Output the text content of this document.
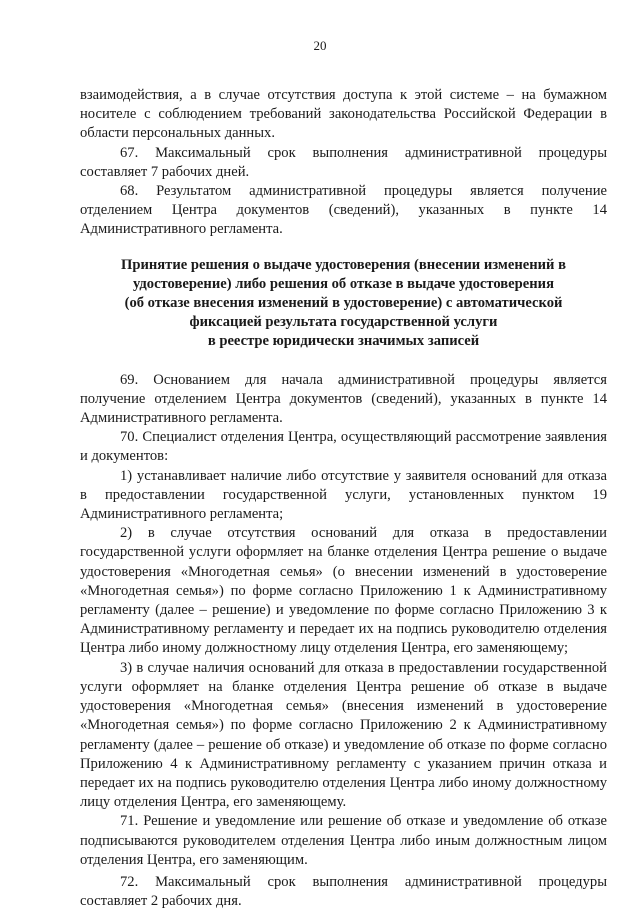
20

взаимодействия, а в случае отсутствия доступа к этой системе – на бумажном носителе с соблюдением требований законодательства Российской Федерации в области персональных данных.

67. Максимальный срок выполнения административной процедуры составляет 7 рабочих дней.

68. Результатом административной процедуры является получение отделением Центра документов (сведений), указанных в пункте 14 Административного регламента.

Принятие решения о выдаче удостоверения (внесении изменений в
удостоверение) либо решения об отказе в выдаче удостоверения
(об отказе внесения изменений в удостоверение) с автоматической
фиксацией результата государственной услуги
в реестре юридически значимых записей

69. Основанием для начала административной процедуры является получение отделением Центра документов (сведений), указанных в пункте 14 Административного регламента.

70. Специалист отделения Центра, осуществляющий рассмотрение заявления и документов:

1) устанавливает наличие либо отсутствие у заявителя оснований для отказа в предоставлении государственной услуги, установленных пунктом 19 Административного регламента;

2) в случае отсутствия оснований для отказа в предоставлении государственной услуги оформляет на бланке отделения Центра решение о выдаче удостоверения «Многодетная семья» (о внесении изменений в удостоверение «Многодетная семья») по форме согласно Приложению 1 к Административному регламенту (далее – решение) и уведомление по форме согласно Приложению 3 к Административному регламенту и передает их на подпись руководителю отделения Центра либо иному должностному лицу отделения Центра, его заменяющему;

3) в случае наличия оснований для отказа в предоставлении государственной услуги оформляет на бланке отделения Центра решение об отказе в выдаче удостоверения «Многодетная семья» (внесения изменений в удостоверение «Многодетная семья») по форме согласно Приложению 2 к Административному регламенту (далее – решение об отказе) и уведомление об отказе по форме согласно Приложению 4 к Административному регламенту с указанием причин отказа и передает их на подпись руководителю отделения Центра либо иному должностному лицу отделения Центра, его заменяющему.

71. Решение и уведомление или решение об отказе и уведомление об отказе подписываются руководителем отделения Центра либо иным должностным лицом отделения Центра, его заменяющим.

72. Максимальный срок выполнения административной процедуры составляет 2 рабочих дня.
